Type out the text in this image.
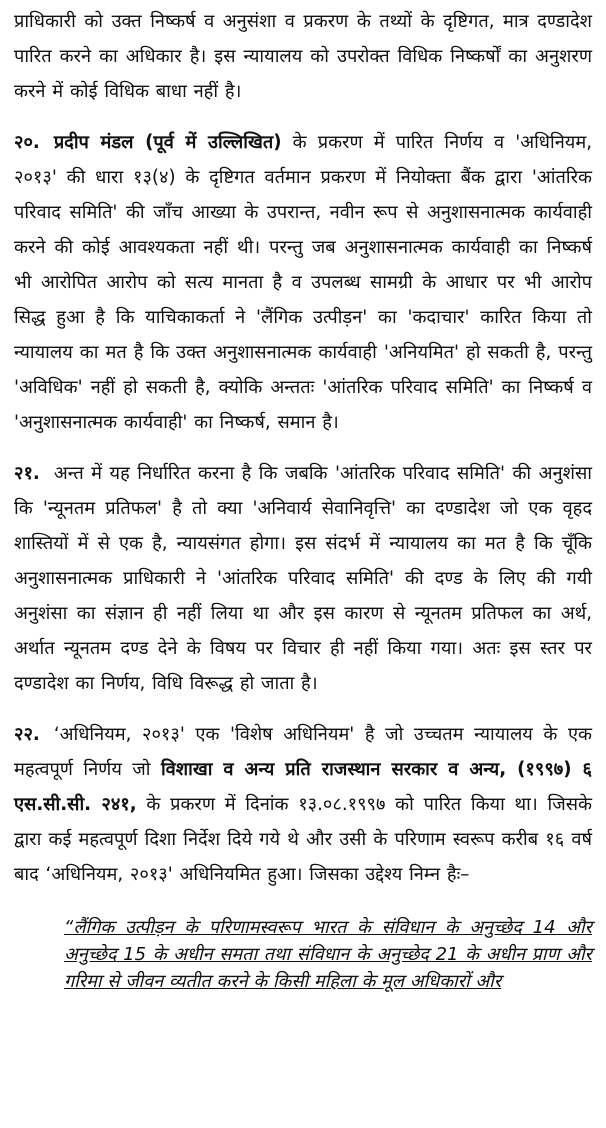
प्राधिकारी को उक्त निष्कर्ष व अनुसंशा व प्रकरण के तथ्यों के दृष्टिगत, मात्र दण्डादेश पारित करने का अधिकार है। इस न्यायालय को उपरोक्त विधिक निष्कर्षों का अनुशरण करने में कोई विधिक बाधा नहीं है।

२०. प्रदीप मंडल (पूर्व में उल्लिखित) के प्रकरण में पारित निर्णय व 'अधिनियम, २०१३' की धारा १३(४) के दृष्टिगत वर्तमान प्रकरण में नियोक्ता बैंक द्वारा 'आंतरिक परिवाद समिति' की जाँच आख्या के उपरान्त, नवीन रूप से अनुशासनात्मक कार्यवाही करने की कोई आवश्यकता नहीं थी। परन्तु जब अनुशासनात्मक कार्यवाही का निष्कर्ष भी आरोपित आरोप को सत्य मानता है व उपलब्ध सामग्री के आधार पर भी आरोप सिद्ध हुआ है कि याचिकाकर्ता ने 'लैंगिक उत्पीड़न' का 'कदाचार' कारित किया तो न्यायालय का मत है कि उक्त अनुशासनात्मक कार्यवाही 'अनियमित' हो सकती है, परन्तु 'अविधिक' नहीं हो सकती है, क्योकि अन्ततः 'आंतरिक परिवाद समिति' का निष्कर्ष व 'अनुशासनात्मक कार्यवाही' का निष्कर्ष, समान है।

२१. अन्त में यह निर्धारित करना है कि जबकि 'आंतरिक परिवाद समिति' की अनुशंसा कि 'न्यूनतम प्रतिफल' है तो क्या 'अनिवार्य सेवानिवृत्ति' का दण्डादेश जो एक वृहद शास्तियों में से एक है, न्यायसंगत होगा। इस संदर्भ में न्यायालय का मत है कि चूँकि अनुशासनात्मक प्राधिकारी ने 'आंतरिक परिवाद समिति' की दण्ड के लिए की गयी अनुशंसा का संज्ञान ही नहीं लिया था और इस कारण से न्यूनतम प्रतिफल का अर्थ, अर्थात न्यूनतम दण्ड देने के विषय पर विचार ही नहीं किया गया। अतः इस स्तर पर दण्डादेश का निर्णय, विधि विरूद्ध हो जाता है।

२२. ‘अधिनियम, २०१३' एक 'विशेष अधिनियम' है जो उच्चतम न्यायालय के एक महत्वपूर्ण निर्णय जो विशाखा व अन्य प्रति राजस्थान सरकार व अन्य, (१९९७) ६ एस.सी.सी. २४१, के प्रकरण में दिनांक १३.०८.१९९७ को पारित किया था। जिसके द्वारा कई महत्वपूर्ण दिशा निर्देश दिये गये थे और उसी के परिणाम स्वरूप करीब १६ वर्ष बाद ‘अधिनियम, २०१३' अधिनियमित हुआ। जिसका उद्देश्य निम्न हैः–

“लैंगिक उत्पीड़न के परिणामस्वरूप भारत के संविधान के अनुच्छेद 14 और अनुच्छेद 15 के अधीन समता तथा संविधान के अनुच्छेद 21 के अधीन प्राण और गरिमा से जीवन व्यतीत करने के किसी महिला के मूल अधिकारों और
